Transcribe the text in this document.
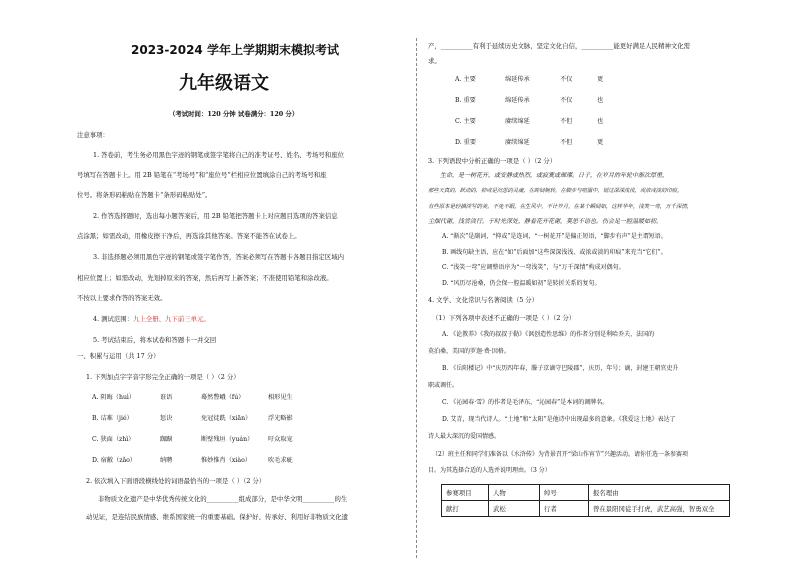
2023-2024 学年上学期期末模拟考试
九年级语文
（考试时间：120 分钟 试卷满分：120 分）
注意事项：
1. 答卷前，考生务必用黑色字迹的钢笔或签字笔将自己的准考证号、姓名、考场号和座位
号填写在答题卡上。用 2B 铅笔在“考场号”和“座位号”栏相应位置填涂自己的考场号和座
位号。将条形码粘贴在答题卡“条形码粘贴处”。
2. 作答选择题时，选出每小题答案后，用 2B 铅笔把答题卡上对应题目选项的答案信息
点涂黑；如需改动，用橡皮擦干净后，再选涂其他答案。答案不能答在试卷上。
3. 非选择题必须用黑色字迹的钢笔或签字笔作答，答案必须写在答题卡各题目指定区域内
相应位置上；如需改动，先划掉原来的答案，然后再写上新答案；不准使用铅笔和涂改液。
不按以上要求作答的答案无效。
4. 测试范围：九上全册、九下前三单元。
5. 考试结束后，将本试卷和答题卡一并交回
一、积累与运用（共 17 分）
1. 下列加点字字音字形完全正确的一项是（ ）（2 分）
A. 阴晦（huì）	诳语	蓦然瞥峨（fú）	相形见生
B. 诘难（jié）	惩诀	免冠徒跣（xiān）	浮光略影
C. 狭面（zhì）	踟蹰	断壁残垣（yuán） 吁众取宠
D. 宿敝（zǎo）	纳聘	惟妙惟肖（xiào）	吹毛求疵
2. 依次填入下面语段横线处的词语最恰当的一项是（ ）（2 分）
非物质文化遗产是中华优秀传统文化的__________组成部分，是中华文明__________的生
动见证，是连结民族情感、维系国家统一的重要基础。保护好、传承好、利用好非物质文化遗
产，__________有利于延续历史文脉，坚定文化自信，__________能更好满足人民精神文化需
求。
A. 主要	绵延传承	不仅	更
B. 重要	绵延传承	不仅	也
C. 主要	赓续绵延	不但	也
D. 重要	赓续绵延	不但	更
3. 下列语段中分析正确的一项是（ ）（2 分）
生命，是一树花开，或安静或热烈，或寂寞或璀璨。日子，在岁月的年轮中渐次厚重，
那些天真的、跃动的、抑或是沉思的灵魂，在眸间婉转，在脚步与喧嚣中，划过深深浅浅，或浓或淡的印痕。
有些原本是轻描淡写的美，不免不眠，在生风中，不计岁月，在某个瞬间如，这样华年，浅笑一弯，万千深情，
尘烟代谢，浅尝淡行。于时光深处，静看花开花谢，莫思不语也。伤会足一腔温暖如初。
A. “渐次”是副词，“抑或”是连词，“一树花开”是偏正短语，“脚步有声”是主谓短语。
B. 画线句缺主语，应在“如”后面加“这些深深浅浅、或浓或淡的印痕”来充当“它们”。
C. “浅笑一弯”应调整语序为“一弯浅笑”，与“万千深情”构成对偶句。
D. “风历尽沧桑，仍会保一腔温暖如初”是转折关系的复句。
4. 文学、文化常识与名著阅读（5 分）
（1）下列各项中表述不正确的一项是（ ）（2 分）
A. 《论教养》《我的叔叔于勒》《讽创造性思维》的作者分别是利哈乔夫、法国的
莫泊桑、美国的罗迦·费·因格。
B. 《岳阳楼记》中“庆历四年春，滕子京谪守巴陵郡”，庆历，年号；谪，封建王朝官吏升
职或调任。
C. 《沁园春·雪》的作者是毛泽东，“沁园春”是本词的调牌名。
D. 艾青，现当代诗人。“土地”和“太阳”是他诗中出现最多的意象。《我爱这土地》表达了
诗人最大深沉的爱国情感。
（2）班主任和同学们准备以《水浒传》为背景召开“梁山作宵节”兴趣活动。请你任选一条参赛项
目。为其选择合适的人选并说明理由。（3 分）
参赛项目	人物	绰号	报名理由
献打	武松	行者	曾在景阳冈徒手打虎，武艺高强，智勇双全
